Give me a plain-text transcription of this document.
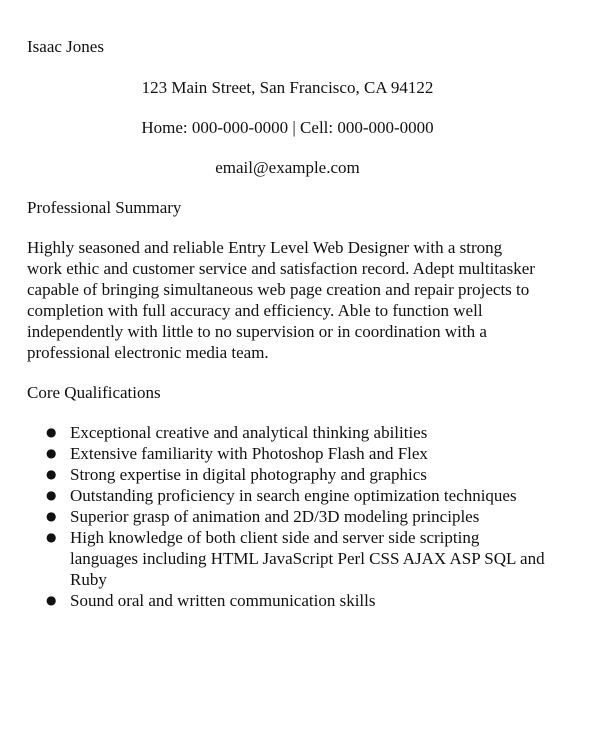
Isaac Jones
123 Main Street, San Francisco, CA 94122
Home: 000-000-0000 | Cell: 000-000-0000
email@example.com
Professional Summary
Highly seasoned and reliable Entry Level Web Designer with a strong work ethic and customer service and satisfaction record. Adept multitasker capable of bringing simultaneous web page creation and repair projects to completion with full accuracy and efficiency. Able to function well independently with little to no supervision or in coordination with a professional electronic media team.
Core Qualifications
● Exceptional creative and analytical thinking abilities
● Extensive familiarity with Photoshop Flash and Flex
● Strong expertise in digital photography and graphics
● Outstanding proficiency in search engine optimization techniques
● Superior grasp of animation and 2D/3D modeling principles
● High knowledge of both client side and server side scripting languages including HTML JavaScript Perl CSS AJAX ASP SQL and Ruby
● Sound oral and written communication skills
